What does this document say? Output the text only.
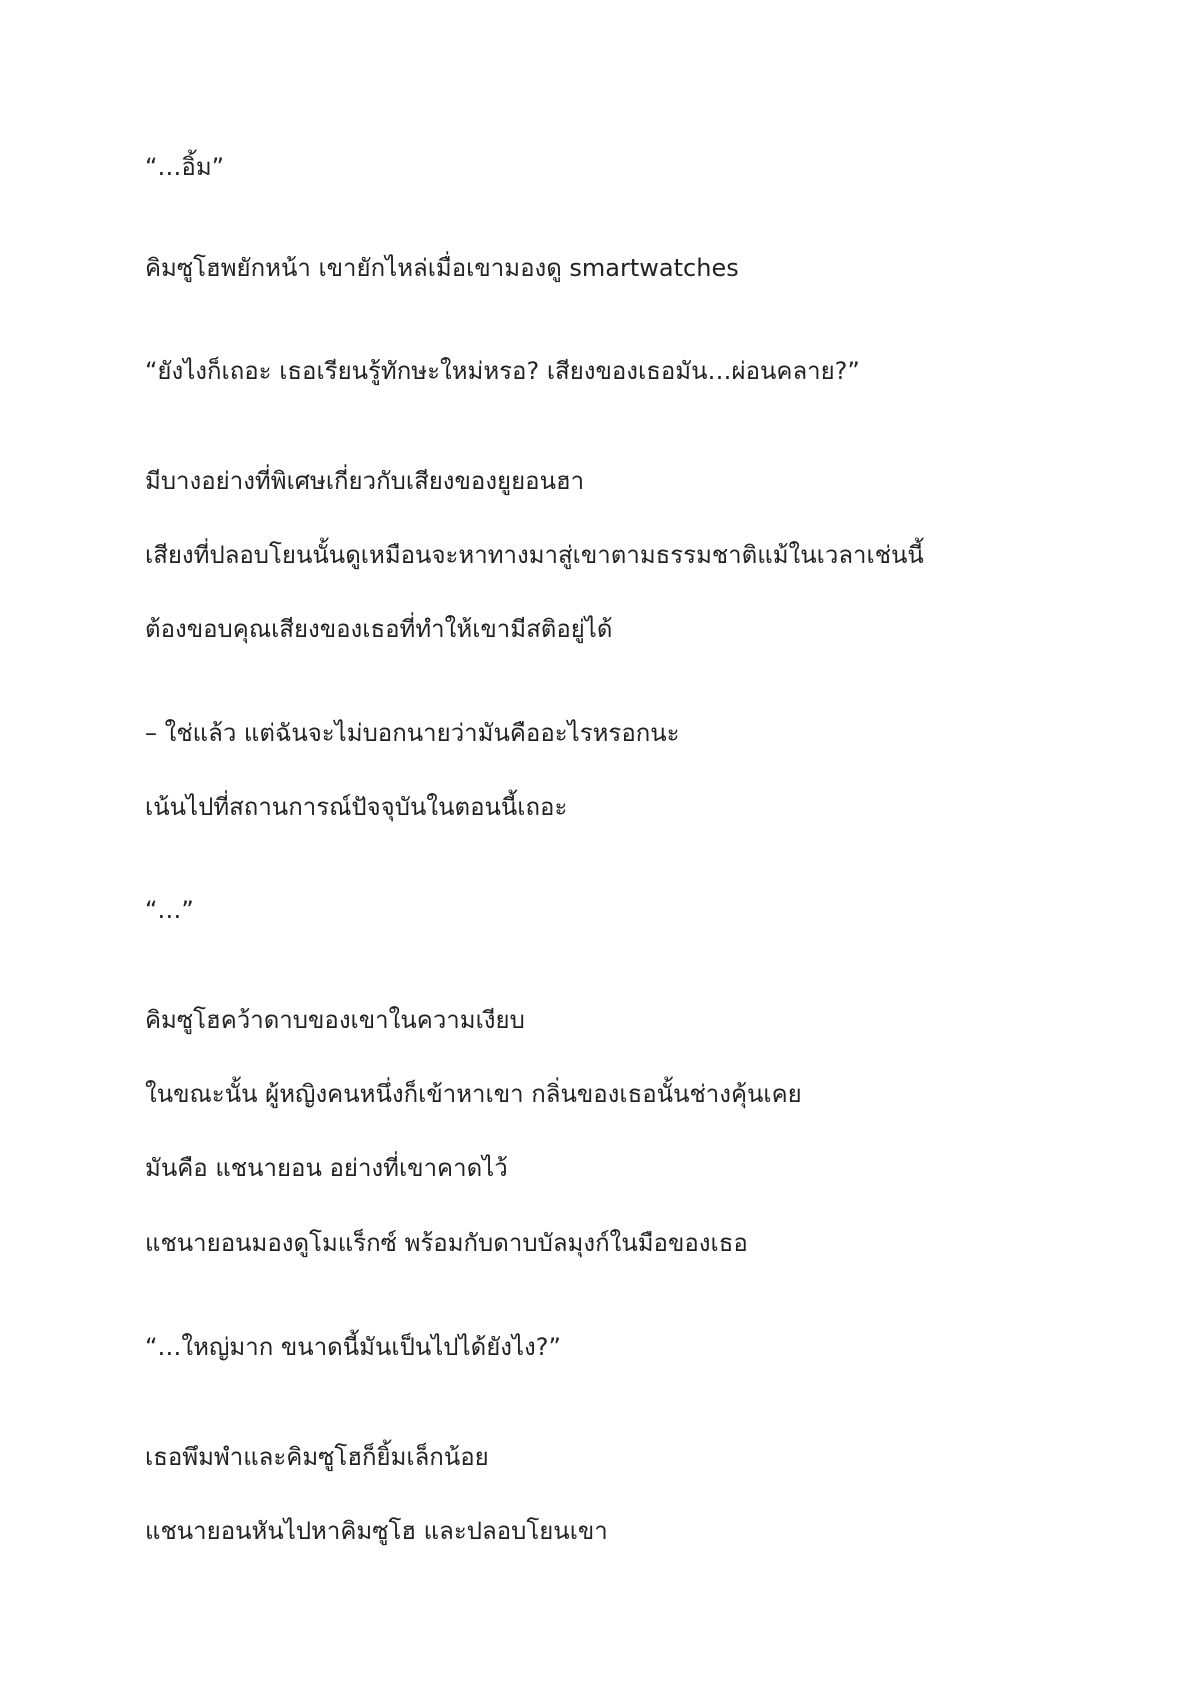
“…อิ้ม”

คิมซูโฮพยักหน้า เขายักไหล่เมื่อเขามองดู smartwatches

“ยังไงก็เถอะ เธอเรียนรู้ทักษะใหม่หรอ? เสียงของเธอมัน…ผ่อนคลาย?”

มีบางอย่างที่พิเศษเกี่ยวกับเสียงของยูยอนฮา

เสียงที่ปลอบโยนนั้นดูเหมือนจะหาทางมาสู่เขาตามธรรมชาติแม้ในเวลาเช่นนี้

ต้องขอบคุณเสียงของเธอที่ทำให้เขามีสติอยู่ได้

– ใช่แล้ว แต่ฉันจะไม่บอกนายว่ามันคืออะไรหรอกนะ

เน้นไปที่สถานการณ์ปัจจุบันในตอนนี้เถอะ

“…”

คิมซูโฮคว้าดาบของเขาในความเงียบ

ในขณะนั้น ผู้หญิงคนหนึ่งก็เข้าหาเขา กลิ่นของเธอนั้นช่างคุ้นเคย

มันคือ แชนายอน อย่างที่เขาคาดไว้

แชนายอนมองดูโมแร็กซ์ พร้อมกับดาบบัลมุงก์ในมือของเธอ

“…ใหญ่มาก ขนาดนี้มันเป็นไปได้ยังไง?”

เธอพึมพำและคิมซูโฮก็ยิ้มเล็กน้อย

แชนายอนหันไปหาคิมซูโฮ และปลอบโยนเขา
